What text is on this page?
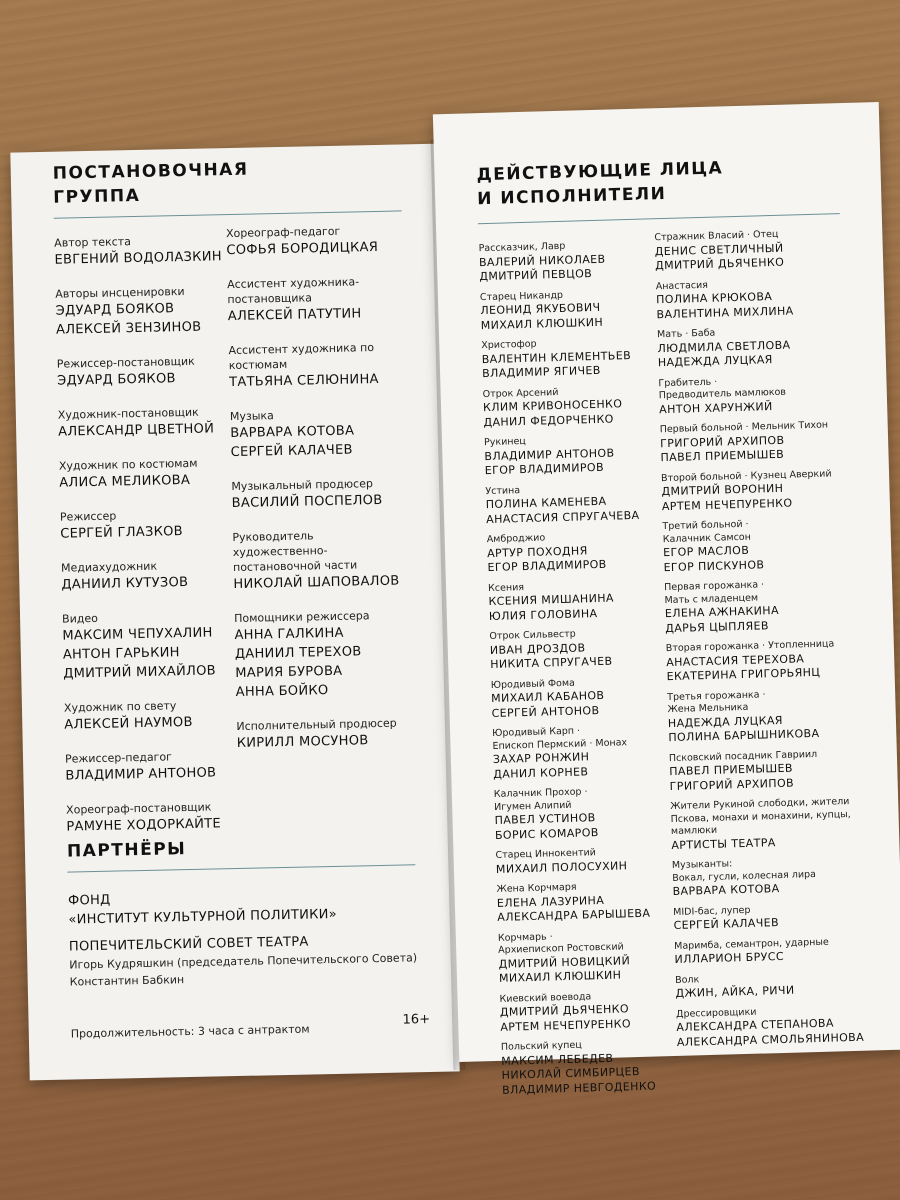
ПОСТАНОВОЧНАЯ
ГРУППА
Автор текста
ЕВГЕНИЙ ВОДОЛАЗКИН
Авторы инсценировки
ЭДУАРД БОЯКОВ
АЛЕКСЕЙ ЗЕНЗИНОВ
Режиссер-постановщик
ЭДУАРД БОЯКОВ
Художник-постановщик
АЛЕКСАНДР ЦВЕТНОЙ
Художник по костюмам
АЛИСА МЕЛИКОВА
Режиссер
СЕРГЕЙ ГЛАЗКОВ
Медиахудожник
ДАНИИЛ КУТУЗОВ
Видео
МАКСИМ ЧЕПУХАЛИН
АНТОН ГАРЬКИН
ДМИТРИЙ МИХАЙЛОВ
Художник по свету
АЛЕКСЕЙ НАУМОВ
Режиссер-педагог
ВЛАДИМИР АНТОНОВ
Хореограф-постановщик
РАМУНЕ ХОДОРКАЙТЕ
Хореограф-педагог
СОФЬЯ БОРОДИЦКАЯ
Ассистент художника-
постановщика
АЛЕКСЕЙ ПАТУТИН
Ассистент художника по
костюмам
ТАТЬЯНА СЕЛЮНИНА
Музыка
ВАРВАРА КОТОВА
СЕРГЕЙ КАЛАЧЕВ
Музыкальный продюсер
ВАСИЛИЙ ПОСПЕЛОВ
Руководитель
художественно-
постановочной части
НИКОЛАЙ ШАПОВАЛОВ
Помощники режиссера
АННА ГАЛКИНА
ДАНИИЛ ТЕРЕХОВ
МАРИЯ БУРОВА
АННА БОЙКО
Исполнительный продюсер
КИРИЛЛ МОСУНОВ
ПАРТНЁРЫ
ФОНД
«ИНСТИТУТ КУЛЬТУРНОЙ ПОЛИТИКИ»
ПОПЕЧИТЕЛЬСКИЙ СОВЕТ ТЕАТРА
Игорь Кудряшкин (председатель Попечительского Совета)
Константин Бабкин
Продолжительность: 3 часа с антрактом
16+
ДЕЙСТВУЮЩИЕ ЛИЦА
И ИСПОЛНИТЕЛИ
Рассказчик, Лавр
ВАЛЕРИЙ НИКОЛАЕВ
ДМИТРИЙ ПЕВЦОВ
Старец Никандр
ЛЕОНИД ЯКУБОВИЧ
МИХАИЛ КЛЮШКИН
Христофор
ВАЛЕНТИН КЛЕМЕНТЬЕВ
ВЛАДИМИР ЯГИЧЕВ
Отрок Арсений
КЛИМ КРИВОНОСЕНКО
ДАНИЛ ФЕДОРЧЕНКО
Рукинец
ВЛАДИМИР АНТОНОВ
ЕГОР ВЛАДИМИРОВ
Устина
ПОЛИНА КАМЕНЕВА
АНАСТАСИЯ СПРУГАЧЕВА
Амброджио
АРТУР ПОХОДНЯ
ЕГОР ВЛАДИМИРОВ
Ксения
КСЕНИЯ МИШАНИНА
ЮЛИЯ ГОЛОВИНА
Отрок Сильвестр
ИВАН ДРОЗДОВ
НИКИТА СПРУГАЧЕВ
Юродивый Фома
МИХАИЛ КАБАНОВ
СЕРГЕЙ АНТОНОВ
Юродивый Карп ·
Епископ Пермский · Монах
ЗАХАР РОНЖИН
ДАНИЛ КОРНЕВ
Калачник Прохор ·
Игумен Алипий
ПАВЕЛ УСТИНОВ
БОРИС КОМАРОВ
Старец Иннокентий
МИХАИЛ ПОЛОСУХИН
Жена Корчмаря
ЕЛЕНА ЛАЗУРИНА
АЛЕКСАНДРА БАРЫШЕВА
Корчмарь ·
Архиепископ Ростовский
ДМИТРИЙ НОВИЦКИЙ
МИХАИЛ КЛЮШКИН
Киевский воевода
ДМИТРИЙ ДЬЯЧЕНКО
АРТЕМ НЕЧЕПУРЕНКО
Польский купец
МАКСИМ ЛЕБЕДЕВ
НИКОЛАЙ СИМБИРЦЕВ
ВЛАДИМИР НЕВГОДЕНКО
Стражник Власий · Отец
ДЕНИС СВЕТЛИЧНЫЙ
ДМИТРИЙ ДЬЯЧЕНКО
Анастасия
ПОЛИНА КРЮКОВА
ВАЛЕНТИНА МИХЛИНА
Мать · Баба
ЛЮДМИЛА СВЕТЛОВА
НАДЕЖДА ЛУЦКАЯ
Грабитель ·
Предводитель мамлюков
АНТОН ХАРУНЖИЙ
Первый больной · Мельник Тихон
ГРИГОРИЙ АРХИПОВ
ПАВЕЛ ПРИЕМЫШЕВ
Второй больной · Кузнец Аверкий
ДМИТРИЙ ВОРОНИН
АРТЕМ НЕЧЕПУРЕНКО
Третий больной ·
Калачник Самсон
ЕГОР МАСЛОВ
ЕГОР ПИСКУНОВ
Первая горожанка ·
Мать с младенцем
ЕЛЕНА АЖНАКИНА
ДАРЬЯ ЦЫПЛЯЕВ
Вторая горожанка · Утопленница
АНАСТАСИЯ ТЕРЕХОВА
ЕКАТЕРИНА ГРИГОРЬЯНЦ
Третья горожанка ·
Жена Мельника
НАДЕЖДА ЛУЦКАЯ
ПОЛИНА БАРЫШНИКОВА
Псковский посадник Гавриил
ПАВЕЛ ПРИЕМЫШЕВ
ГРИГОРИЙ АРХИПОВ
Жители Рукиной слободки, жители
Пскова, монахи и монахини, купцы,
мамлюки
АРТИСТЫ ТЕАТРА
Музыканты:
Вокал, гусли, колесная лира
ВАРВАРА КОТОВА
MIDI-бас, лупер
СЕРГЕЙ КАЛАЧЕВ
Маримба, семантрон, ударные
ИЛЛАРИОН БРУСС
Волк
ДЖИН, АЙКА, РИЧИ
Дрессировщики
АЛЕКСАНДРА СТЕПАНОВА
АЛЕКСАНДРА СМОЛЬЯНИНОВА
